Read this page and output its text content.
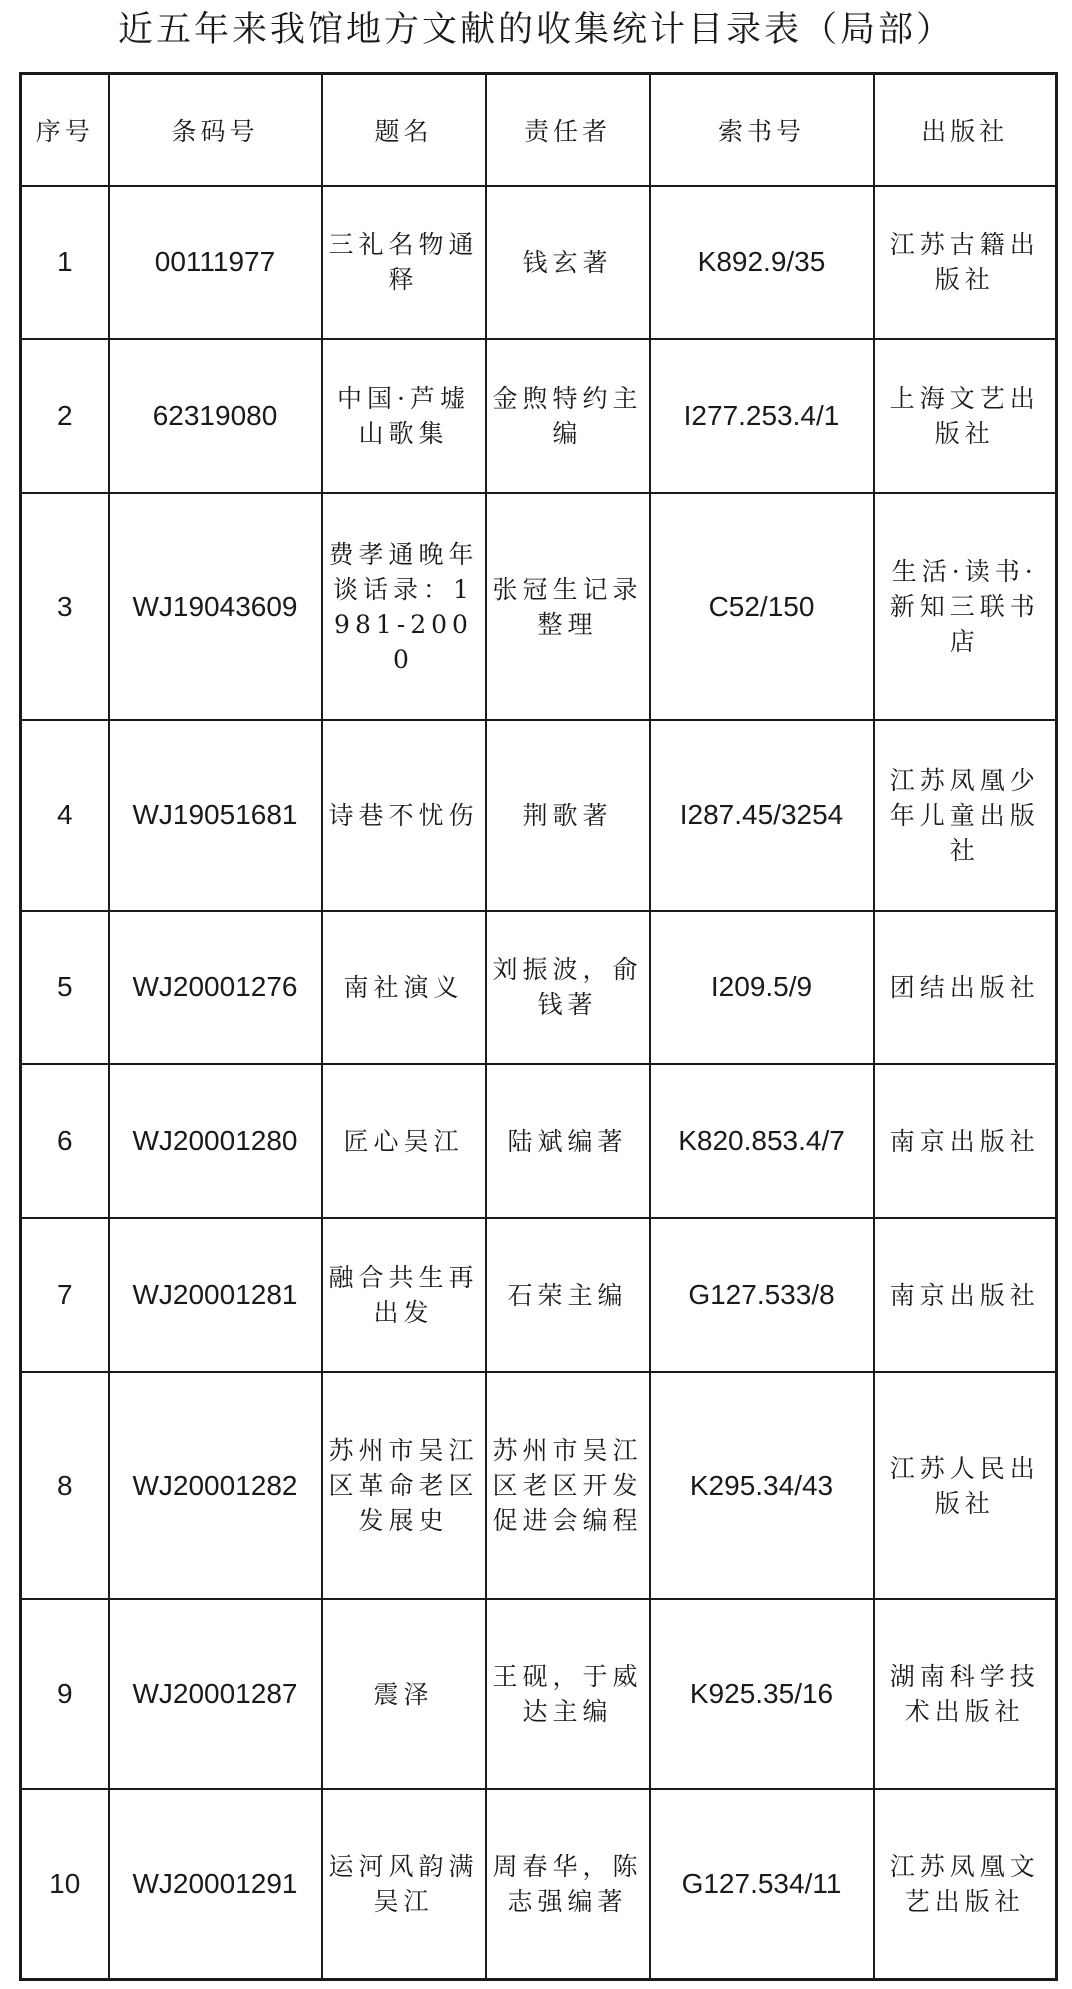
近五年来我馆地方文献的收集统计目录表（局部）
序号	条码号	题名	责任者	索书号	出版社
1	00111977	三礼名物通释	钱玄著	K892.9/35	江苏古籍出版社
2	62319080	中国·芦墟山歌集	金煦特约主编	I277.253.4/1	上海文艺出版社
3	WJ19043609	费孝通晚年谈话录：1981-2000	张冠生记录整理	C52/150	生活·读书·新知三联书店
4	WJ19051681	诗巷不忧伤	荆歌著	I287.45/3254	江苏凤凰少年儿童出版社
5	WJ20001276	南社演义	刘振波，俞钱著	I209.5/9	团结出版社
6	WJ20001280	匠心吴江	陆斌编著	K820.853.4/7	南京出版社
7	WJ20001281	融合共生再出发	石荣主编	G127.533/8	南京出版社
8	WJ20001282	苏州市吴江区革命老区发展史	苏州市吴江区老区开发促进会编程	K295.34/43	江苏人民出版社
9	WJ20001287	震泽	王砚，于威达主编	K925.35/16	湖南科学技术出版社
10	WJ20001291	运河风韵满吴江	周春华，陈志强编著	G127.534/11	江苏凤凰文艺出版社
